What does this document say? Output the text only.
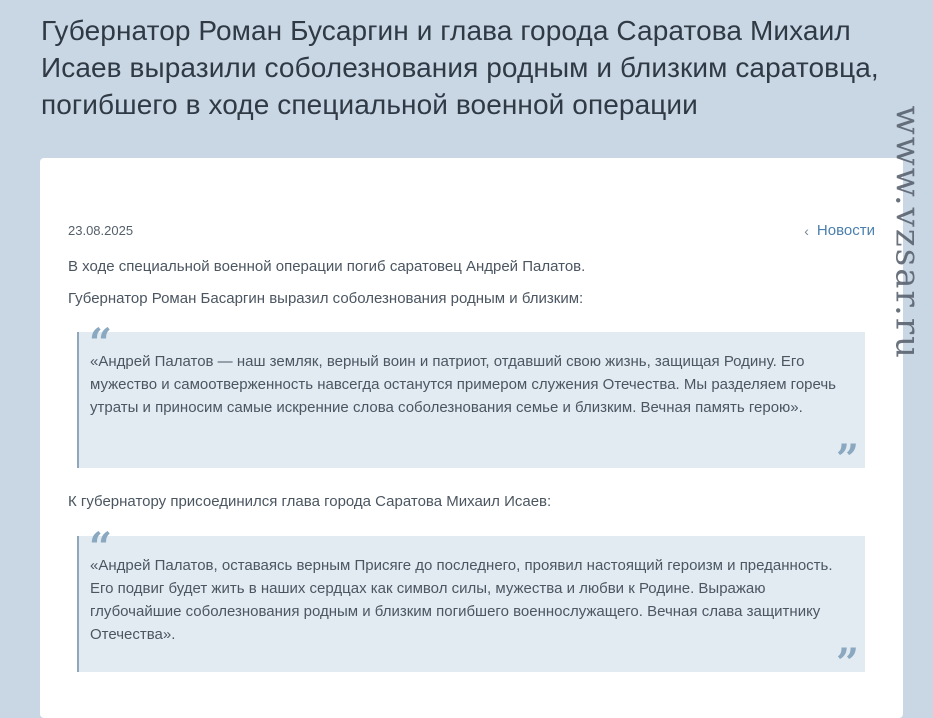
Губернатор Роман Бусаргин и глава города Саратова Михаил Исаев выразили соболезнования родным и близким саратовца, погибшего в ходе специальной военной операции
23.08.2025	‹ Новости

В ходе специальной военной операции погиб саратовец Андрей Палатов.

Губернатор Роман Басаргин выразил соболезнования родным и близким:

“

«Андрей Палатов — наш земляк, верный воин и патриот, отдавший свою жизнь, защищая Родину. Его мужество и самоотверженность навсегда останутся примером служения Отечества. Мы разделяем горечь утраты и приносим самые искренние слова соболезнования семье и близким. Вечная память герою».

”

К губернатору присоединился глава города Саратова Михаил Исаев:

“

«Андрей Палатов, оставаясь верным Присяге до последнего, проявил настоящий героизм и преданность. Его подвиг будет жить в наших сердцах как символ силы, мужества и любви к Родине. Выражаю глубочайшие соболезнования родным и близким погибшего военнослужащего. Вечная слава защитнику Отечества».

”
www.vzsar.ru
